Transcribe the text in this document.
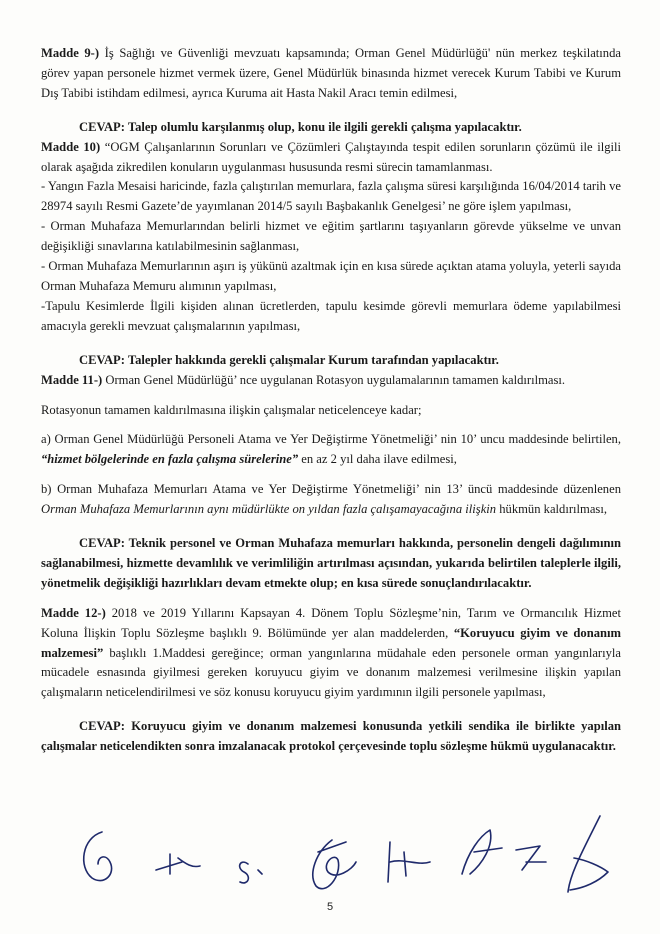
Madde 9-) İş Sağlığı ve Güvenliği mevzuatı kapsamında; Orman Genel Müdürlüğü' nün merkez teşkilatında görev yapan personele hizmet vermek üzere, Genel Müdürlük binasında hizmet verecek Kurum Tabibi ve Kurum Dış Tabibi istihdam edilmesi, ayrıca Kuruma ait Hasta Nakil Aracı temin edilmesi,

CEVAP: Talep olumlu karşılanmış olup, konu ile ilgili gerekli çalışma yapılacaktır.

Madde 10) “OGM Çalışanlarının Sorunları ve Çözümleri Çalıştayında tespit edilen sorunların çözümü ile ilgili olarak aşağıda zikredilen konuların uygulanması hususunda resmi sürecin tamamlanması.

- Yangın Fazla Mesaisi haricinde, fazla çalıştırılan memurlara, fazla çalışma süresi karşılığında 16/04/2014 tarih ve 28974 sayılı Resmi Gazete’de yayımlanan 2014/5 sayılı Başbakanlık Genelgesi’ ne göre işlem yapılması,

- Orman Muhafaza Memurlarından belirli hizmet ve eğitim şartlarını taşıyanların görevde yükselme ve unvan değişikliği sınavlarına katılabilmesinin sağlanması,

- Orman Muhafaza Memurlarının aşırı iş yükünü azaltmak için en kısa sürede açıktan atama yoluyla, yeterli sayıda Orman Muhafaza Memuru alımının yapılması,

-Tapulu Kesimlerde İlgili kişiden alınan ücretlerden, tapulu kesimde görevli memurlara ödeme yapılabilmesi amacıyla gerekli mevzuat çalışmalarının yapılması,

CEVAP: Talepler hakkında gerekli çalışmalar Kurum tarafından yapılacaktır.

Madde 11-) Orman Genel Müdürlüğü’ nce uygulanan Rotasyon uygulamalarının tamamen kaldırılması.

Rotasyonun tamamen kaldırılmasına ilişkin çalışmalar neticelenceye kadar;

a) Orman Genel Müdürlüğü Personeli Atama ve Yer Değiştirme Yönetmeliği’ nin 10’ uncu maddesinde belirtilen, “hizmet bölgelerinde en fazla çalışma sürelerine” en az 2 yıl daha ilave edilmesi,

b) Orman Muhafaza Memurları Atama ve Yer Değiştirme Yönetmeliği’ nin 13’ üncü maddesinde düzenlenen Orman Muhafaza Memurlarının aynı müdürlükte on yıldan fazla çalışamayacağına ilişkin hükmün kaldırılması,

CEVAP: Teknik personel ve Orman Muhafaza memurları hakkında, personelin dengeli dağılımının sağlanabilmesi, hizmette devamlılık ve verimliliğin artırılması açısından, yukarıda belirtilen taleplerle ilgili, yönetmelik değişikliği hazırlıkları devam etmekte olup; en kısa sürede sonuçlandırılacaktır.

Madde 12-) 2018 ve 2019 Yıllarını Kapsayan 4. Dönem Toplu Sözleşme’nin, Tarım ve Ormancılık Hizmet Koluna İlişkin Toplu Sözleşme başlıklı 9. Bölümünde yer alan maddelerden, “Koruyucu giyim ve donanım malzemesi” başlıklı 1.Maddesi gereğince; orman yangınlarına müdahale eden personele orman yangınlarıyla mücadele esnasında giyilmesi gereken koruyucu giyim ve donanım malzemesi verilmesine ilişkin yapılan çalışmaların neticelendirilmesi ve söz konusu koruyucu giyim yardımının ilgili personele yapılması,

CEVAP: Koruyucu giyim ve donanım malzemesi konusunda yetkili sendika ile birlikte yapılan çalışmalar neticelendikten sonra imzalanacak protokol çerçevesinde toplu sözleşme hükmü uygulanacaktır.

5
